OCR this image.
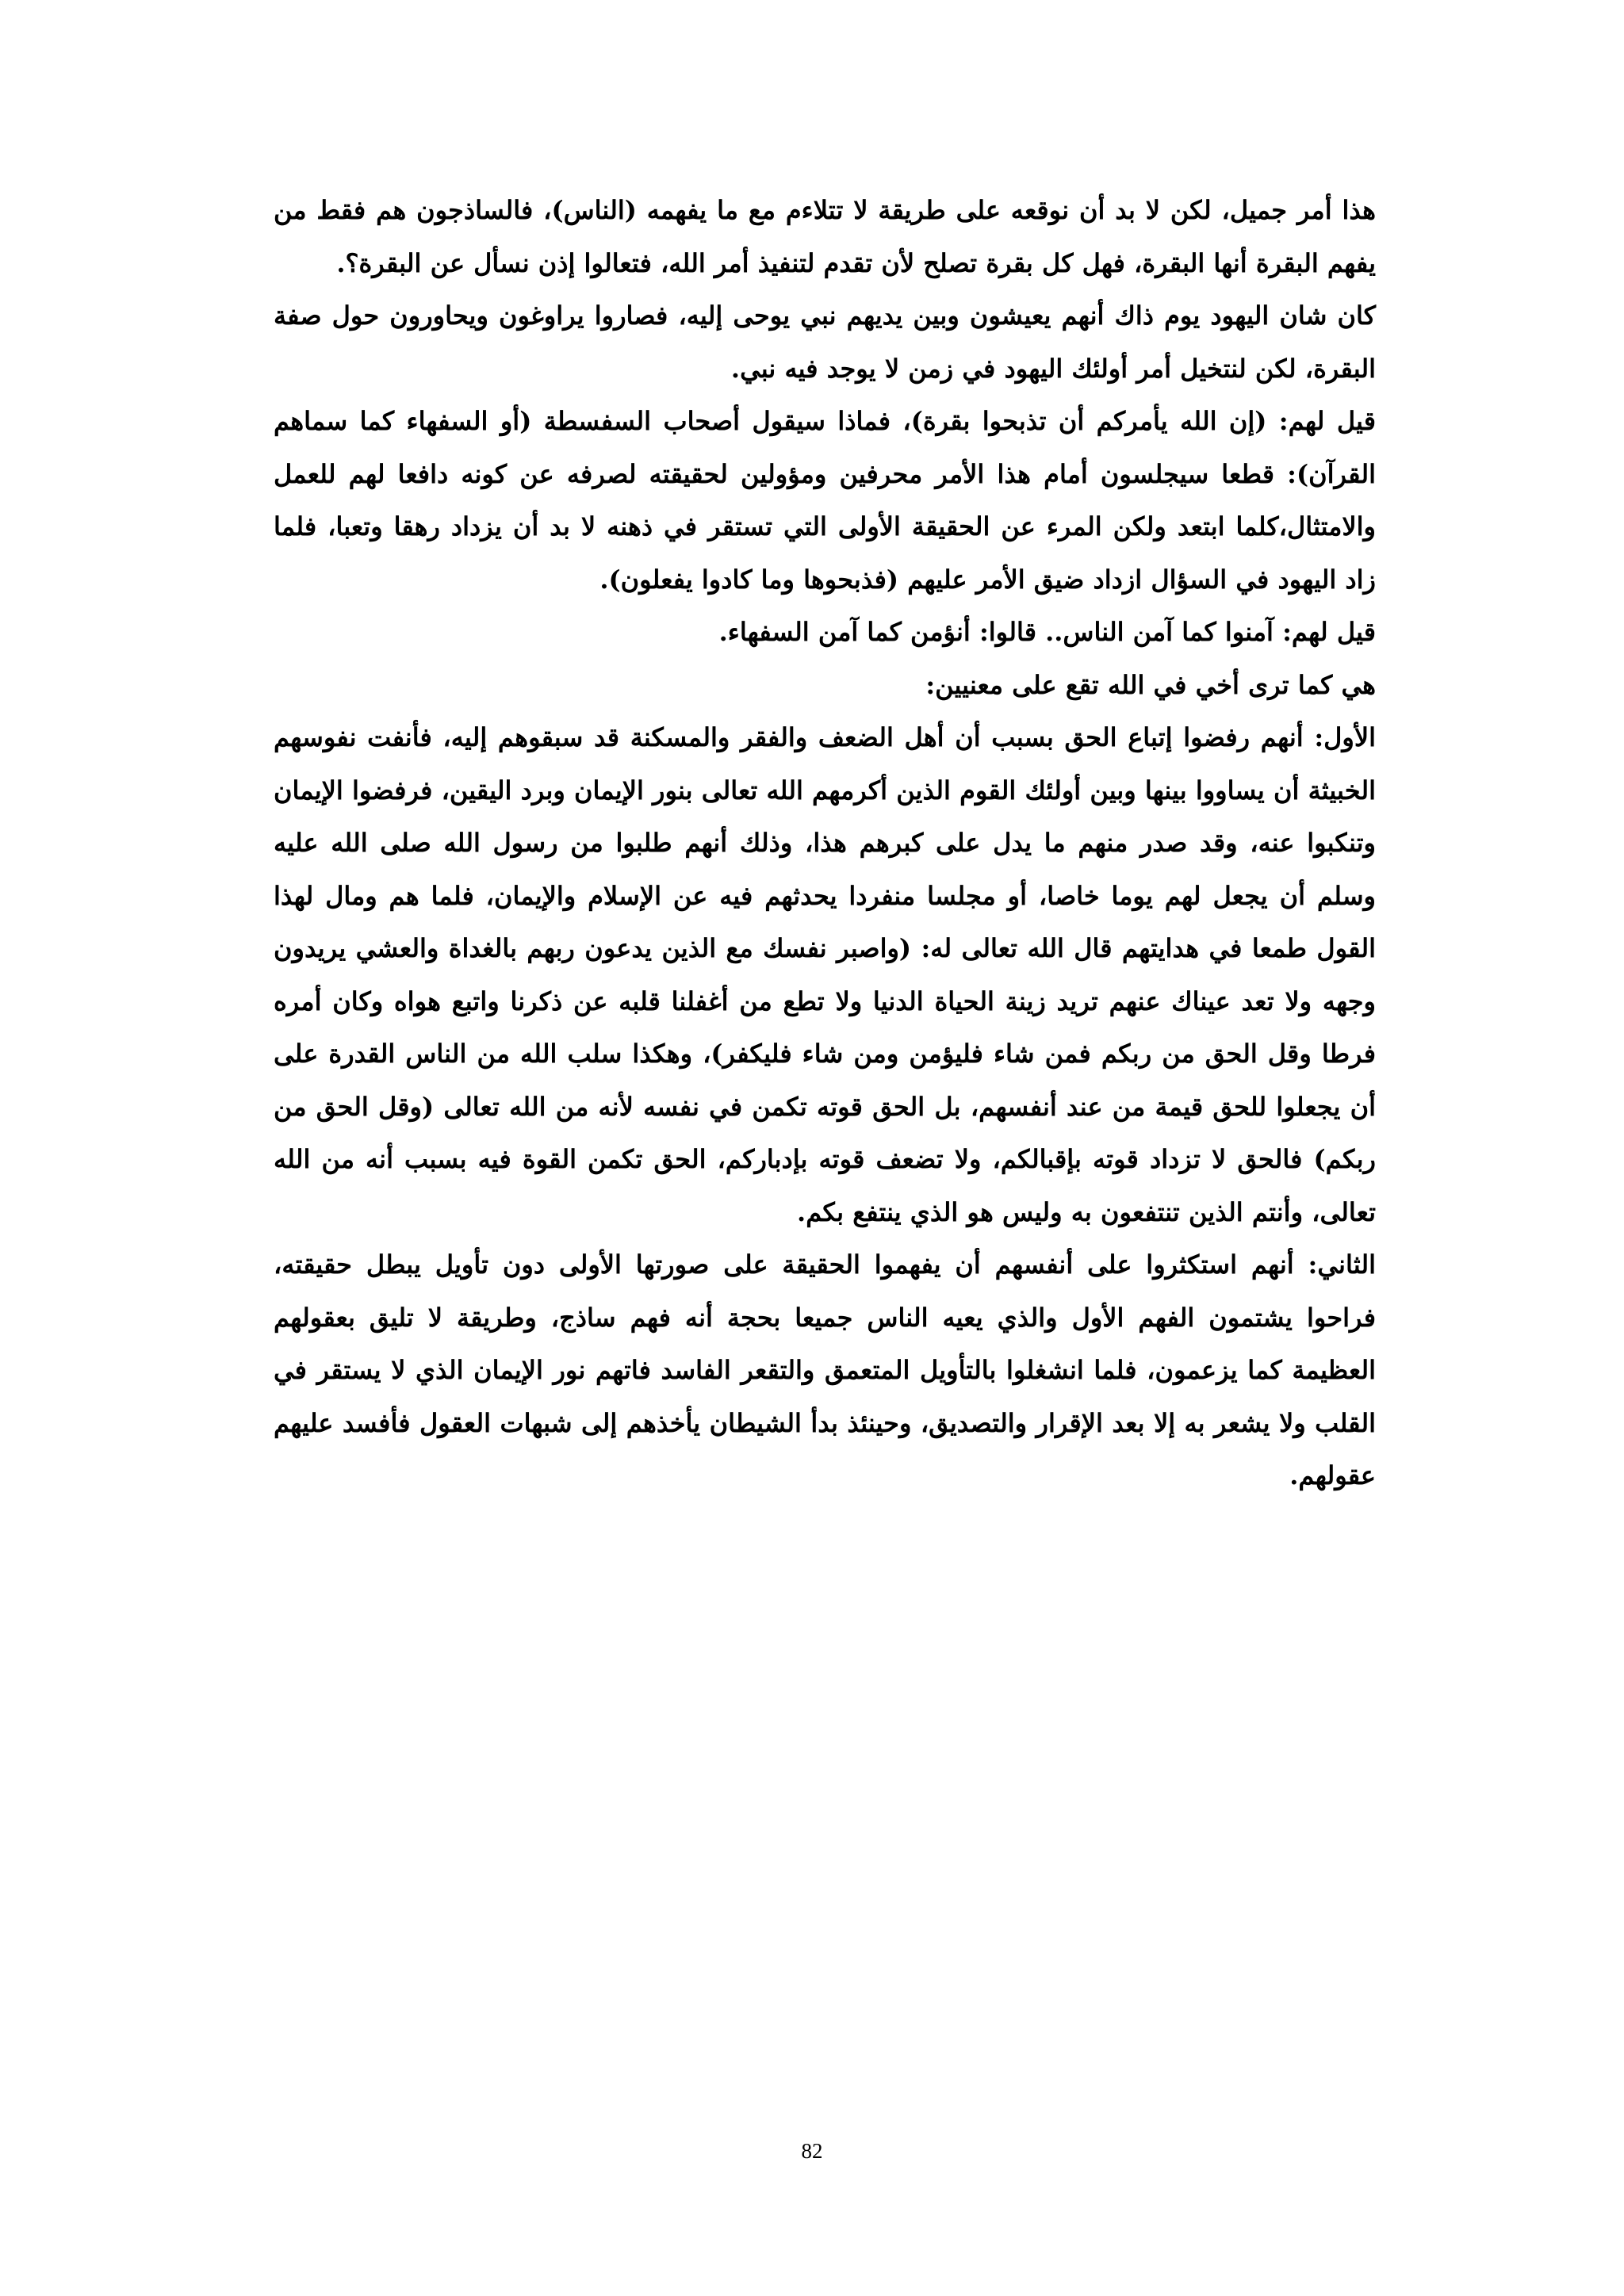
هذا أمر جميل، لكن لا بد أن نوقعه على طريقة لا تتلاءم مع ما يفهمه (الناس)، فالساذجون هم فقط من يفهم البقرة أنها البقرة، فهل كل بقرة تصلح لأن تقدم لتنفيذ أمر الله، فتعالوا إذن نسأل عن البقرة؟.

كان شان اليهود يوم ذاك أنهم يعيشون وبين يديهم نبي يوحى إليه، فصاروا يراوغون ويحاورون حول صفة البقرة، لكن لنتخيل أمر أولئك اليهود في زمن لا يوجد فيه نبي.

قيل لهم: (إن الله يأمركم أن تذبحوا بقرة)، فماذا سيقول أصحاب السفسطة (أو السفهاء كما سماهم القرآن): قطعا سيجلسون أمام هذا الأمر محرفين ومؤولين لحقيقته لصرفه عن كونه دافعا لهم للعمل والامتثال،كلما ابتعد ولكن المرء عن الحقيقة الأولى التي تستقر في ذهنه لا بد أن يزداد رهقا وتعبا، فلما زاد اليهود في السؤال ازداد ضيق الأمر عليهم (فذبحوها وما كادوا يفعلون).

قيل لهم: آمنوا كما آمن الناس.. قالوا: أنؤمن كما آمن السفهاء.

هي كما ترى أخي في الله تقع على معنيين:

الأول: أنهم رفضوا إتباع الحق بسبب أن أهل الضعف والفقر والمسكنة قد سبقوهم إليه، فأنفت نفوسهم الخبيثة أن يساووا بينها وبين أولئك القوم الذين أكرمهم الله تعالى بنور الإيمان وبرد اليقين، فرفضوا الإيمان وتنكبوا عنه، وقد صدر منهم ما يدل على كبرهم هذا، وذلك أنهم طلبوا من رسول الله صلى الله عليه وسلم أن يجعل لهم يوما خاصا، أو مجلسا منفردا يحدثهم فيه عن الإسلام والإيمان، فلما هم ومال لهذا القول طمعا في هدايتهم قال الله تعالى له: (واصبر نفسك مع الذين يدعون ربهم بالغداة والعشي يريدون وجهه ولا تعد عيناك عنهم تريد زينة الحياة الدنيا ولا تطع من أغفلنا قلبه عن ذكرنا واتبع هواه وكان أمره فرطا وقل الحق من ربكم فمن شاء فليؤمن ومن شاء فليكفر)، وهكذا سلب الله من الناس القدرة على أن يجعلوا للحق قيمة من عند أنفسهم، بل الحق قوته تكمن في نفسه لأنه من الله تعالى (وقل الحق من ربكم) فالحق لا تزداد قوته بإقبالكم، ولا تضعف قوته بإدباركم، الحق تكمن القوة فيه بسبب أنه من الله تعالى، وأنتم الذين تنتفعون به وليس هو الذي ينتفع بكم.

الثاني: أنهم استكثروا على أنفسهم أن يفهموا الحقيقة على صورتها الأولى دون تأويل يبطل حقيقته، فراحوا يشتمون الفهم الأول والذي يعيه الناس جميعا بحجة أنه فهم ساذج، وطريقة لا تليق بعقولهم العظيمة كما يزعمون، فلما انشغلوا بالتأويل المتعمق والتقعر الفاسد فاتهم نور الإيمان الذي لا يستقر في القلب ولا يشعر به إلا بعد الإقرار والتصديق، وحينئذ بدأ الشيطان يأخذهم إلى شبهات العقول فأفسد عليهم عقولهم.

82
